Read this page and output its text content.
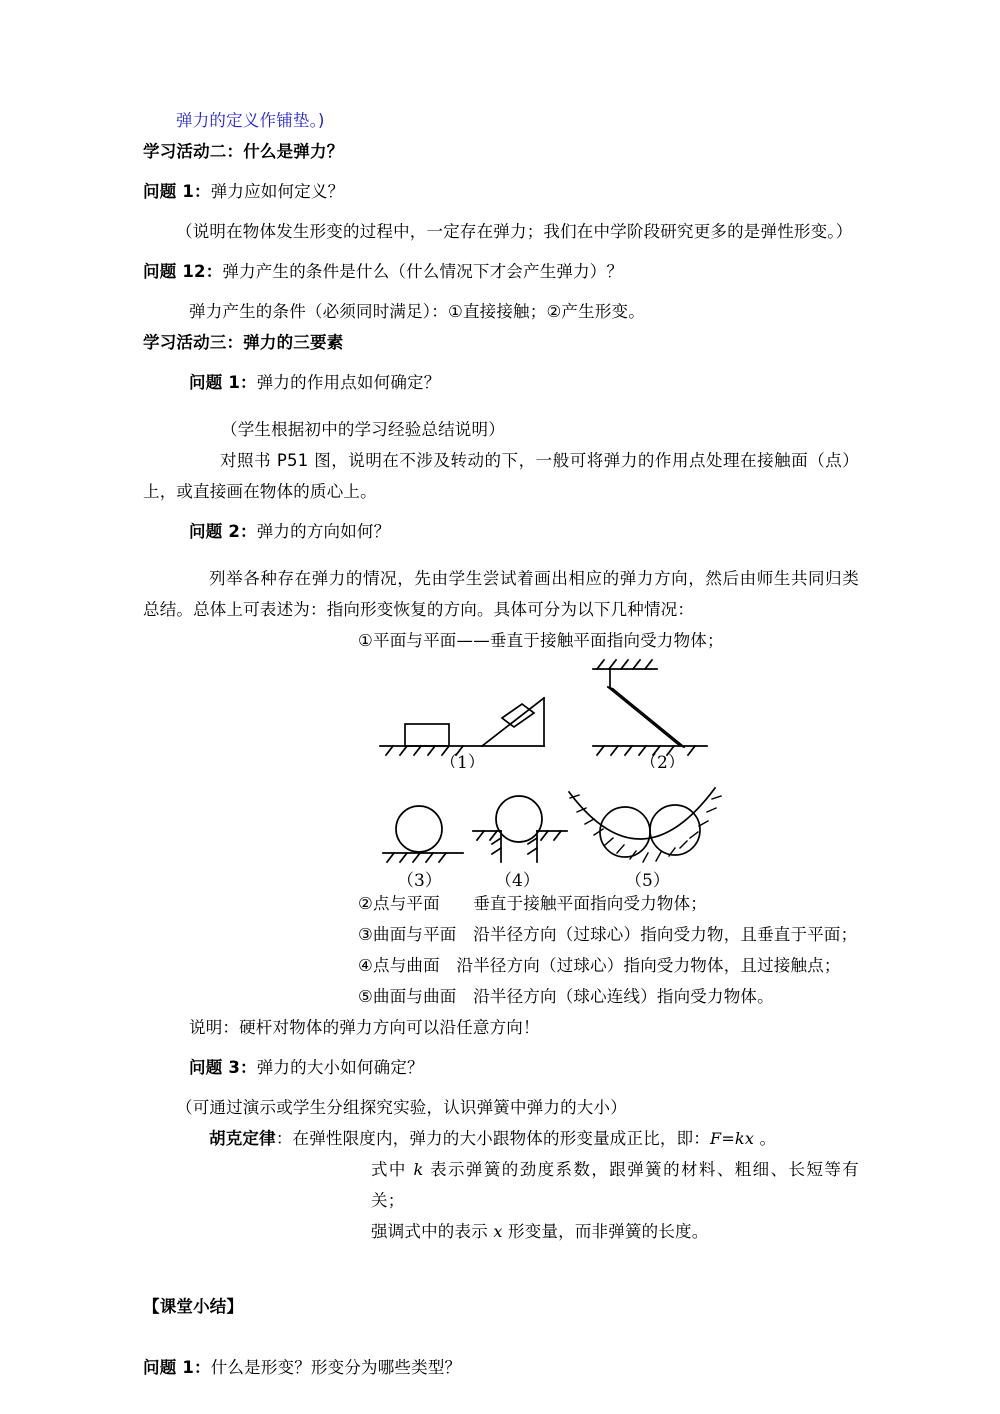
弹力的定义作铺垫。)

学习活动二：什么是弹力？

问题 1：弹力应如何定义？

（说明在物体发生形变的过程中，一定存在弹力；我们在中学阶段研究更多的是弹性形变。）

问题 12：弹力产生的条件是什么（什么情况下才会产生弹力）？

弹力产生的条件（必须同时满足）：①直接接触；②产生形变。

学习活动三：弹力的三要素

问题 1：弹力的作用点如何确定？

（学生根据初中的学习经验总结说明）

对照书 P51 图，说明在不涉及转动的下，一般可将弹力的作用点处理在接触面（点）上，或直接画在物体的质心上。

问题 2：弹力的方向如何？

列举各种存在弹力的情况，先由学生尝试着画出相应的弹力方向，然后由师生共同归类总结。总体上可表述为：指向形变恢复的方向。具体可分为以下几种情况：

①平面与平面——垂直于接触平面指向受力物体；

（1）	（2）
（3）	（4）	（5）

②点与平面　　垂直于接触平面指向受力物体；

③曲面与平面　沿半径方向（过球心）指向受力物，且垂直于平面；

④点与曲面　沿半径方向（过球心）指向受力物体，且过接触点；

⑤曲面与曲面　沿半径方向（球心连线）指向受力物体。

说明：硬杆对物体的弹力方向可以沿任意方向！

问题 3：弹力的大小如何确定？

（可通过演示或学生分组探究实验，认识弹簧中弹力的大小）

胡克定律：在弹性限度内，弹力的大小跟物体的形变量成正比，即：F=kx 。

式中 k 表示弹簧的劲度系数，跟弹簧的材料、粗细、长短等有关；

强调式中的表示 x 形变量，而非弹簧的长度。

【课堂小结】

问题 1：什么是形变？形变分为哪些类型？
